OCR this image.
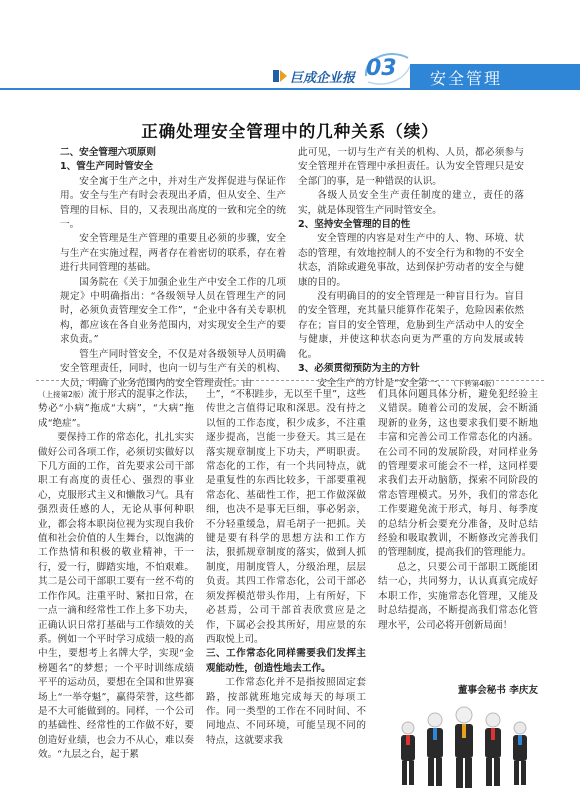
巨成企业报 03 安全管理
正确处理安全管理中的几种关系（续）

二、安全管理六项原则

1、管生产同时管安全

安全寓于生产之中，并对生产发挥促进与保证作用。安全与生产有时会表现出矛盾，但从安全、生产管理的目标、目的，又表现出高度的一致和完全的统一。

安全管理是生产管理的重要且必须的步骤，安全与生产在实施过程，两者存在着密切的联系，存在着进行共同管理的基础。

国务院在《关于加强企业生产中安全工作的几项规定》中明确指出：“各级领导人员在管理生产的同时，必须负责管理安全工作”，“企业中各有关专职机构，都应该在各自业务范围内，对实现安全生产的要求负责。”

管生产同时管安全，不仅是对各级领导人员明确安全管理责任，同时，也向一切与生产有关的机构、人员，明确了业务范围内的安全管理责任。由

此可见，一切与生产有关的机构、人员，都必须参与安全管理并在管理中承担责任。认为安全管理只是安全部门的事，是一种错误的认识。

各级人员安全生产责任制度的建立，责任的落实，就是体现管生产同时管安全。

2、坚持安全管理的目的性

安全管理的内容是对生产中的人、物、环境、状态的管理，有效地控制人的不安全行为和物的不安全状态，消除或避免事故，达到保护劳动者的安全与健康的目的。

没有明确目的的安全管理是一种盲目行为。盲目的安全管理，充其量只能算作花架子，危险因素依然存在；盲目的安全管理，危胁到生产活动中人的安全与健康，并使这种状态向更为严重的方向发展或转化。

3、必须贯彻预防为主的方针

安全生产的方针是“安全第一、 （下转第4版）

（上接第2版）流于形式的混事之作法，势必“小病”拖成“大病”，“大病”拖成“绝症”。

要保持工作的常态化，扎扎实实做好公司各项工作，必须切实做好以下几方面的工作，首先要求公司干部职工有高度的责任心、强烈的事业心，克服形式主义和懒散习气。具有强烈责任感的人，无论从事何种职业，都会将本职岗位视为实现自我价值和社会价值的人生舞台，以饱满的工作热情和积极的敬业精神，干一行，爱一行，脚踏实地，不怕艰难。其二是公司干部职工要有一丝不苟的工作作风。注重平时、紧扣日常，在一点一滴和经常性工作上多下功夫，正确认识日常打基础与工作绩效的关系。例如一个平时学习成绩一般的高中生，要想考上名牌大学，实现“金榜题名”的梦想；一个平时训练成绩平平的运动员，要想在全国和世界赛场上“一举夺魁”，赢得荣誉，这些都是不大可能做到的。同样，一个公司的基础性、经常性的工作做不好，要创造好业绩，也会力不从心，难以奏效。“九层之台，起于累

土”，“不积跬步，无以至千里”，这些传世之言值得记取和深思。没有持之以恒的工作态度，积少成多，不注重逐步提高，岂能一步登天。其三是在落实规章制度上下功夫，严明职责。常态化的工作，有一个共同特点，就是重复性的东西比较多，干部要重视常态化、基础性工作，把工作做深做细，也决不是事无巨细，事必躬亲，不分轻重缓急，眉毛胡子一把抓。关键是要有科学的思想方法和工作方法，狠抓规章制度的落实，做到人抓制度，用制度管人，分级治理，层层负责。其四工作常态化，公司干部必须发挥模范带头作用，上有所好，下必甚焉，公司干部首表欣赏应是之作，下属必会投其所好，用应景的东西取悦上司。

三、工作常态化同样需要我们发挥主观能动性，创造性地去工作。

工作常态化并不是指按照固定套路，按部就班地完成每天的每项工作。同一类型的工作在不同时间、不同地点、不同环境，可能呈现不同的特点，这就要求我

们具体问题具体分析，避免犯经验主义错误。随着公司的发展，会不断涌现新的业务，这也要求我们要不断地丰富和完善公司工作常态化的内涵。在公司不同的发展阶段，对同样业务的管理要求可能会不一样，这同样要求我们去开动脑筋，探索不同阶段的常态管理模式。另外，我们的常态化工作要避免流于形式，每月、每季度的总结分析会要充分准备，及时总结经验和吸取教训，不断修改完善我们的管理制度，提高我们的管理能力。

总之，只要公司干部职工既能团结一心，共同努力，认认真真完成好本职工作，实施常态化管理，又能及时总结提高，不断提高我们常态化管理水平，公司必将开创新局面！

董事会秘书 李庆友
